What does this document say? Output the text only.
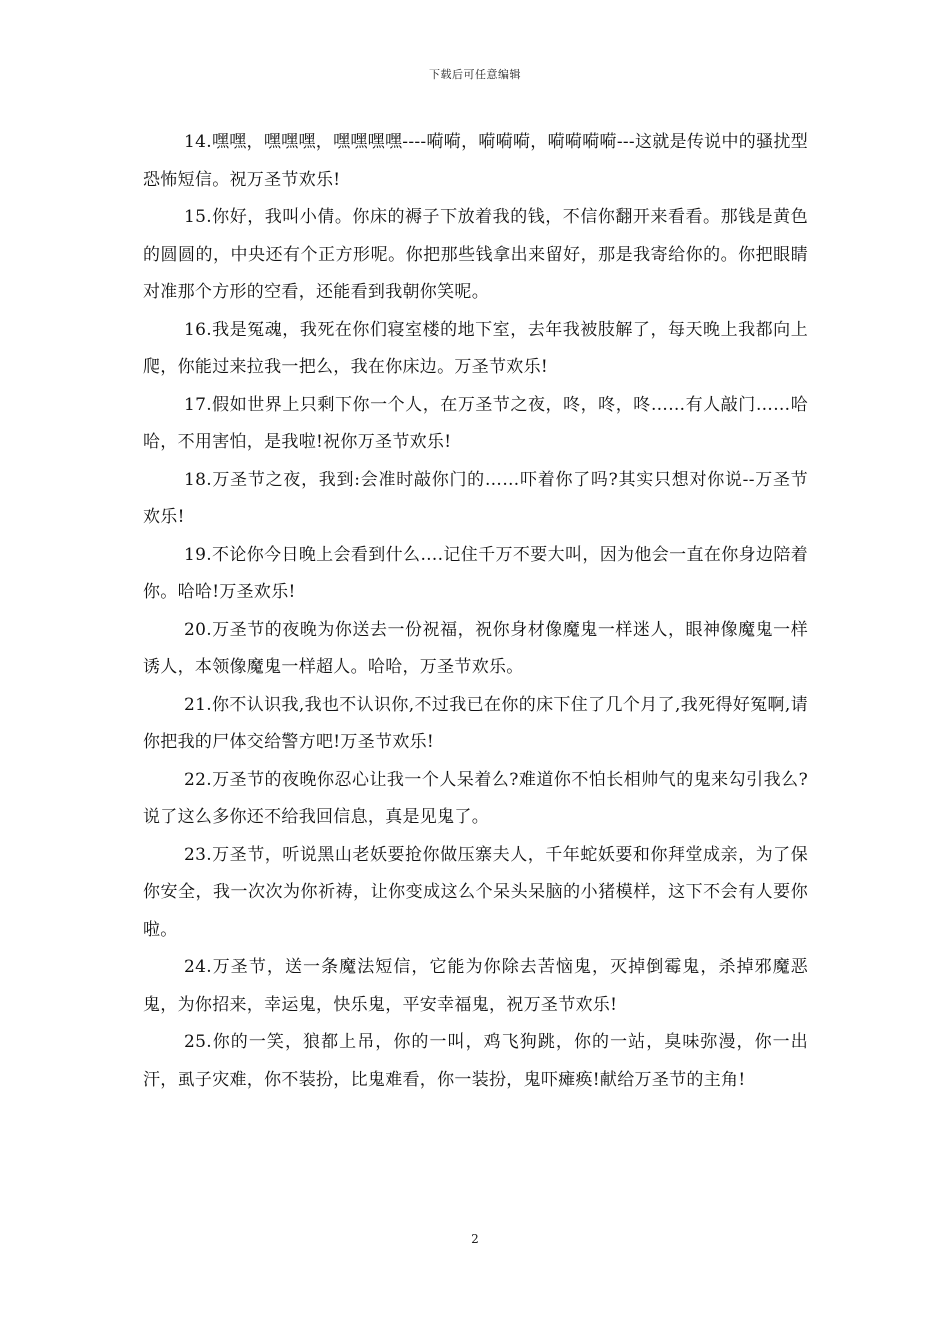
下载后可任意编辑

14.嘿嘿，嘿嘿嘿，嘿嘿嘿嘿----嗬嗬，嗬嗬嗬，嗬嗬嗬嗬---这就是传说中的骚扰型恐怖短信。祝万圣节欢乐!

15.你好，我叫小倩。你床的褥子下放着我的钱，不信你翻开来看看。那钱是黄色的圆圆的，中央还有个正方形呢。你把那些钱拿出来留好，那是我寄给你的。你把眼睛对准那个方形的空看，还能看到我朝你笑呢。

16.我是冤魂，我死在你们寝室楼的地下室，去年我被肢解了，每天晚上我都向上爬，你能过来拉我一把么，我在你床边。万圣节欢乐!

17.假如世界上只剩下你一个人，在万圣节之夜，咚，咚，咚……有人敲门……哈哈，不用害怕，是我啦!祝你万圣节欢乐!

18.万圣节之夜，我到:会准时敲你门的……吓着你了吗?其实只想对你说--万圣节欢乐!

19.不论你今日晚上会看到什么….记住千万不要大叫，因为他会一直在你身边陪着你。哈哈!万圣欢乐!

20.万圣节的夜晚为你送去一份祝福，祝你身材像魔鬼一样迷人，眼神像魔鬼一样诱人，本领像魔鬼一样超人。哈哈，万圣节欢乐。

21.你不认识我,我也不认识你,不过我已在你的床下住了几个月了,我死得好冤啊,请你把我的尸体交给警方吧!万圣节欢乐!

22.万圣节的夜晚你忍心让我一个人呆着么?难道你不怕长相帅气的鬼来勾引我么?说了这么多你还不给我回信息，真是见鬼了。

23.万圣节，听说黑山老妖要抢你做压寨夫人，千年蛇妖要和你拜堂成亲，为了保你安全，我一次次为你祈祷，让你变成这么个呆头呆脑的小猪模样，这下不会有人要你啦。

24.万圣节，送一条魔法短信，它能为你除去苦恼鬼，灭掉倒霉鬼，杀掉邪魔恶鬼，为你招来，幸运鬼，快乐鬼，平安幸福鬼，祝万圣节欢乐!

25.你的一笑，狼都上吊，你的一叫，鸡飞狗跳，你的一站，臭味弥漫，你一出汗，虱子灾难，你不装扮，比鬼难看，你一装扮，鬼吓瘫痪!献给万圣节的主角!

2
